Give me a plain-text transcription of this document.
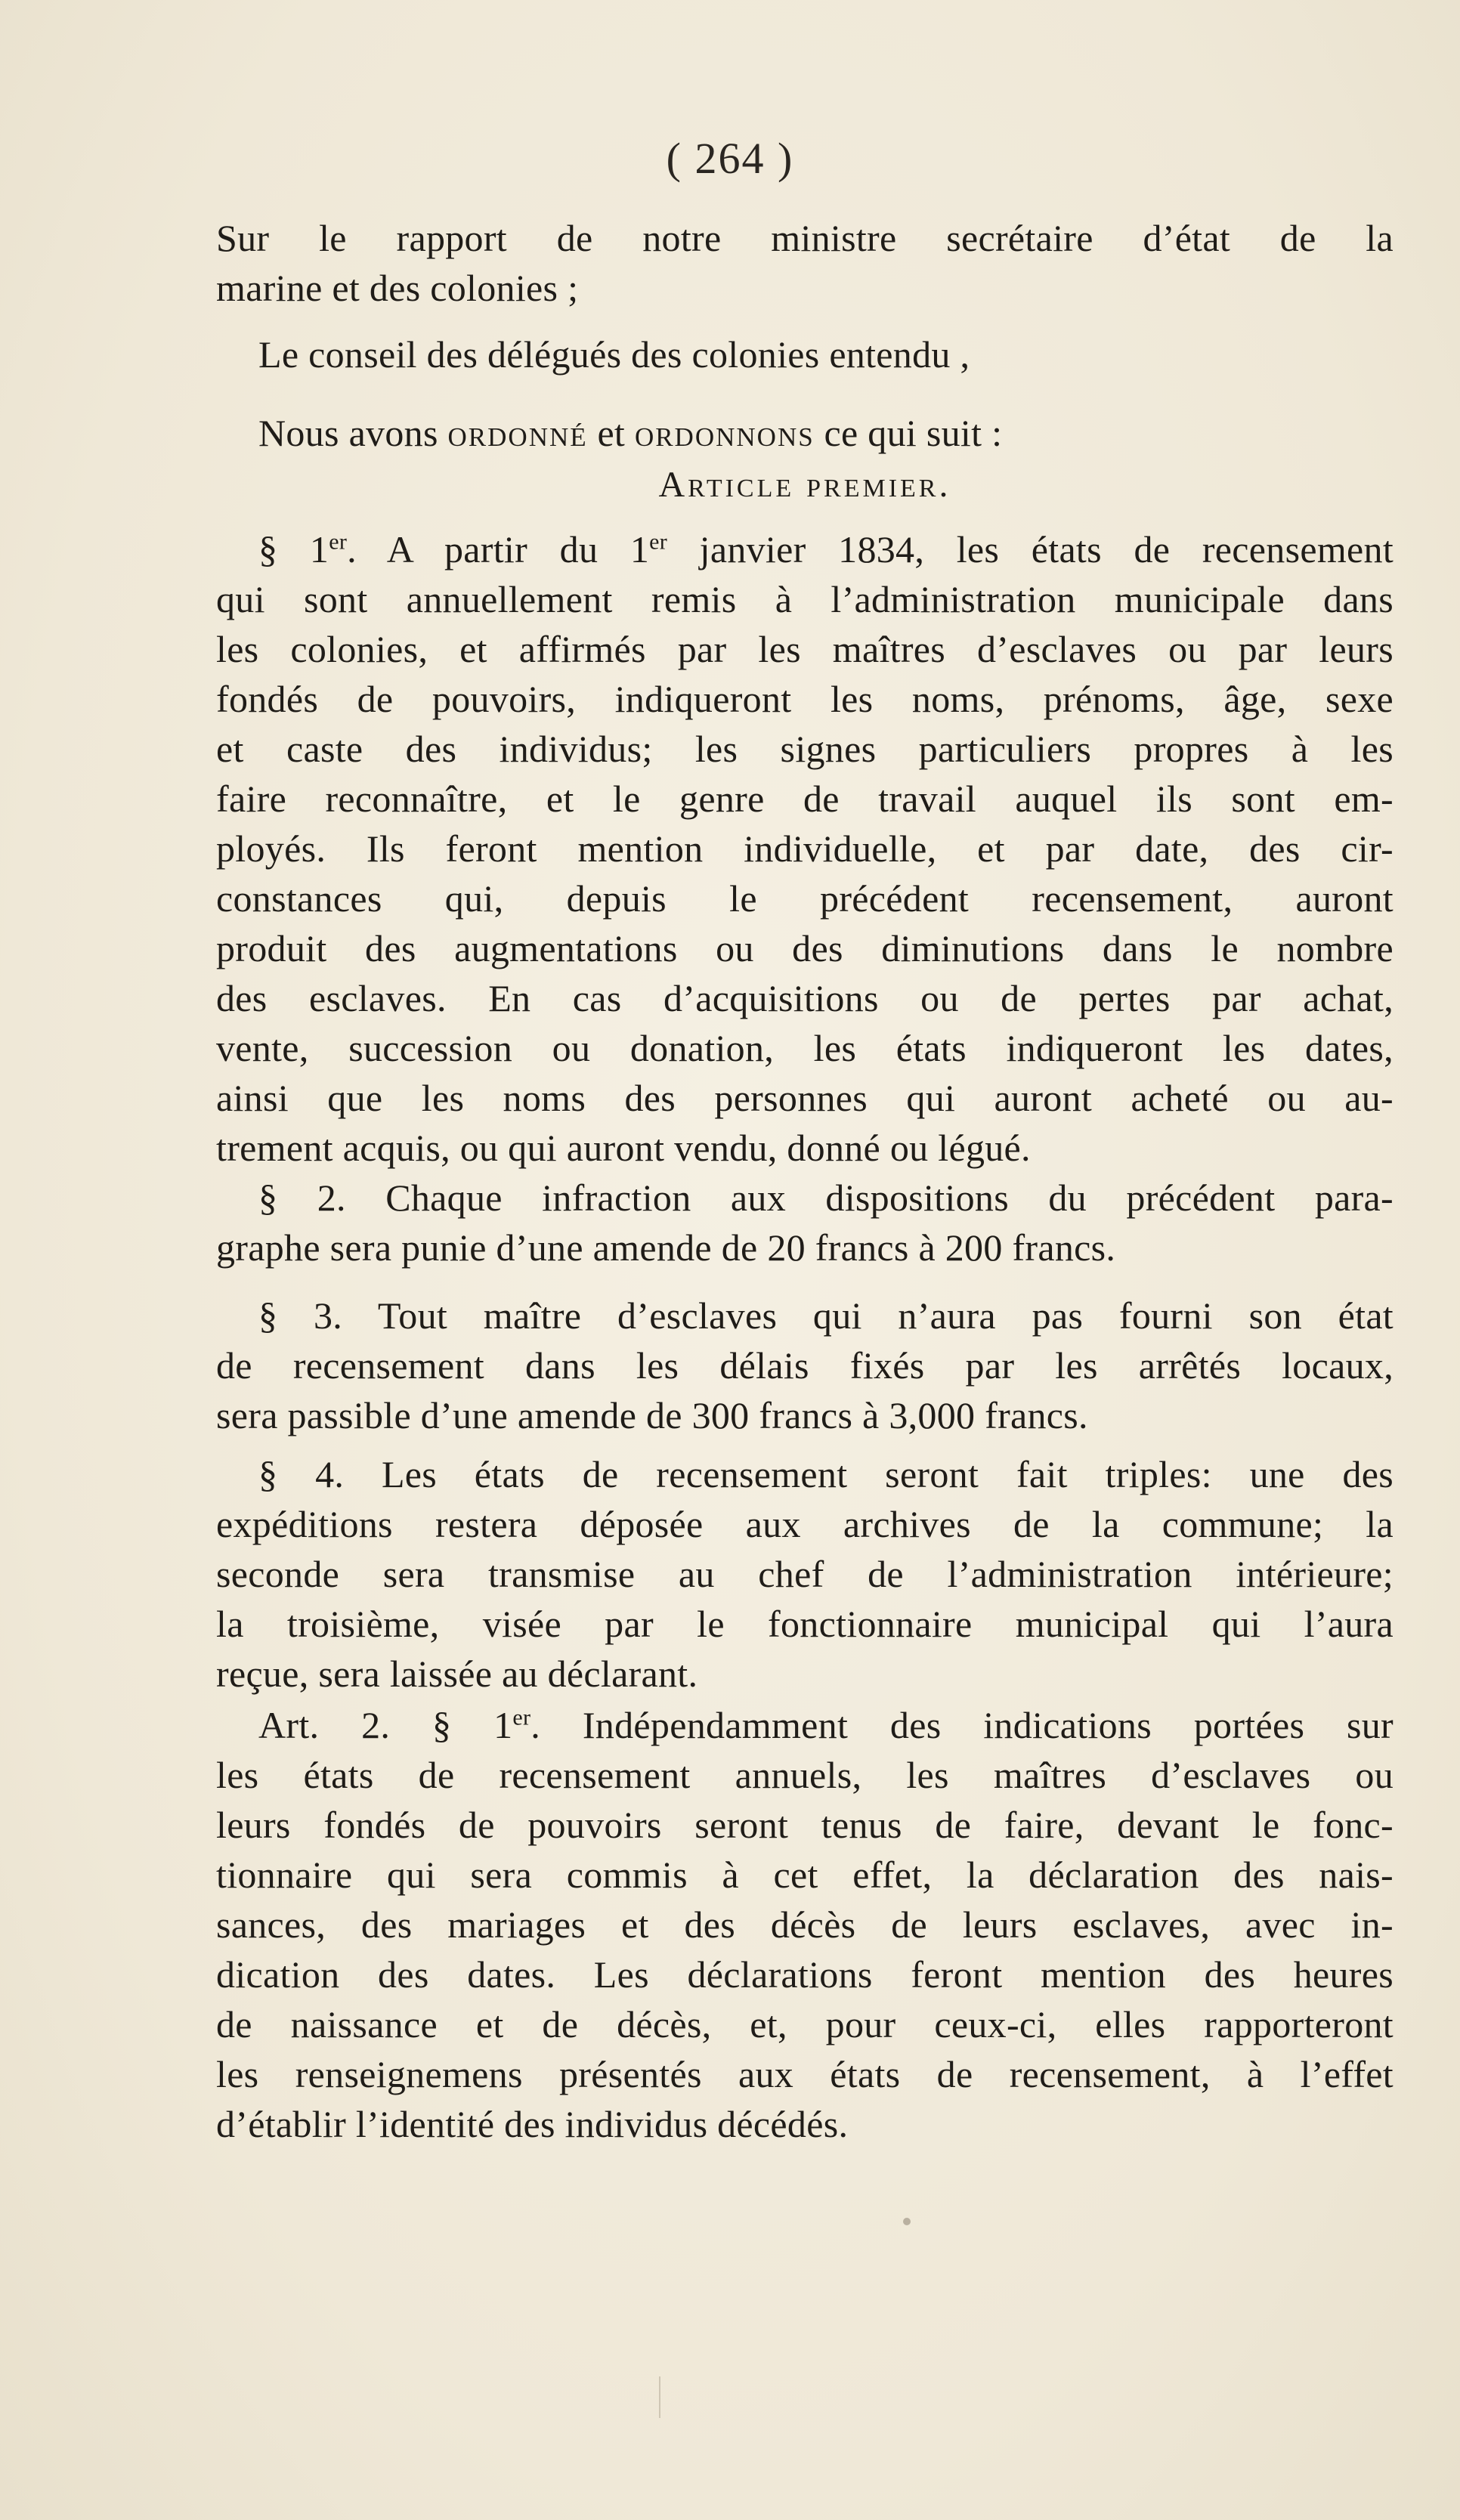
( 264 )
Sur le rapport de notre ministre secrétaire d’état de la
marine et des colonies ;
Le conseil des délégués des colonies entendu ,
Nous avons ordonné et ordonnons ce qui suit :
Article premier.
§ 1er. A partir du 1er janvier 1834, les états de recensement
qui sont annuellement remis à l’administration municipale dans
les colonies, et affirmés par les maîtres d’esclaves ou par leurs
fondés de pouvoirs, indiqueront les noms, prénoms, âge, sexe
et caste des individus; les signes particuliers propres à les
faire reconnaître, et le genre de travail auquel ils sont em-
ployés. Ils feront mention individuelle, et par date, des cir-
constances qui, depuis le précédent recensement, auront
produit des augmentations ou des diminutions dans le nombre
des esclaves. En cas d’acquisitions ou de pertes par achat,
vente, succession ou donation, les états indiqueront les dates,
ainsi que les noms des personnes qui auront acheté ou au-
trement acquis, ou qui auront vendu, donné ou légué.
§ 2. Chaque infraction aux dispositions du précédent para-
graphe sera punie d’une amende de 20 francs à 200 francs.
§ 3. Tout maître d’esclaves qui n’aura pas fourni son état
de recensement dans les délais fixés par les arrêtés locaux,
sera passible d’une amende de 300 francs à 3,000 francs.
§ 4. Les états de recensement seront fait triples: une des
expéditions restera déposée aux archives de la commune; la
seconde sera transmise au chef de l’administration intérieure;
la troisième, visée par le fonctionnaire municipal qui l’aura
reçue, sera laissée au déclarant.
Art. 2. § 1er. Indépendamment des indications portées sur
les états de recensement annuels, les maîtres d’esclaves ou
leurs fondés de pouvoirs seront tenus de faire, devant le fonc-
tionnaire qui sera commis à cet effet, la déclaration des nais-
sances, des mariages et des décès de leurs esclaves, avec in-
dication des dates. Les déclarations feront mention des heures
de naissance et de décès, et, pour ceux-ci, elles rapporteront
les renseignemens présentés aux états de recensement, à l’effet
d’établir l’identité des individus décédés.
